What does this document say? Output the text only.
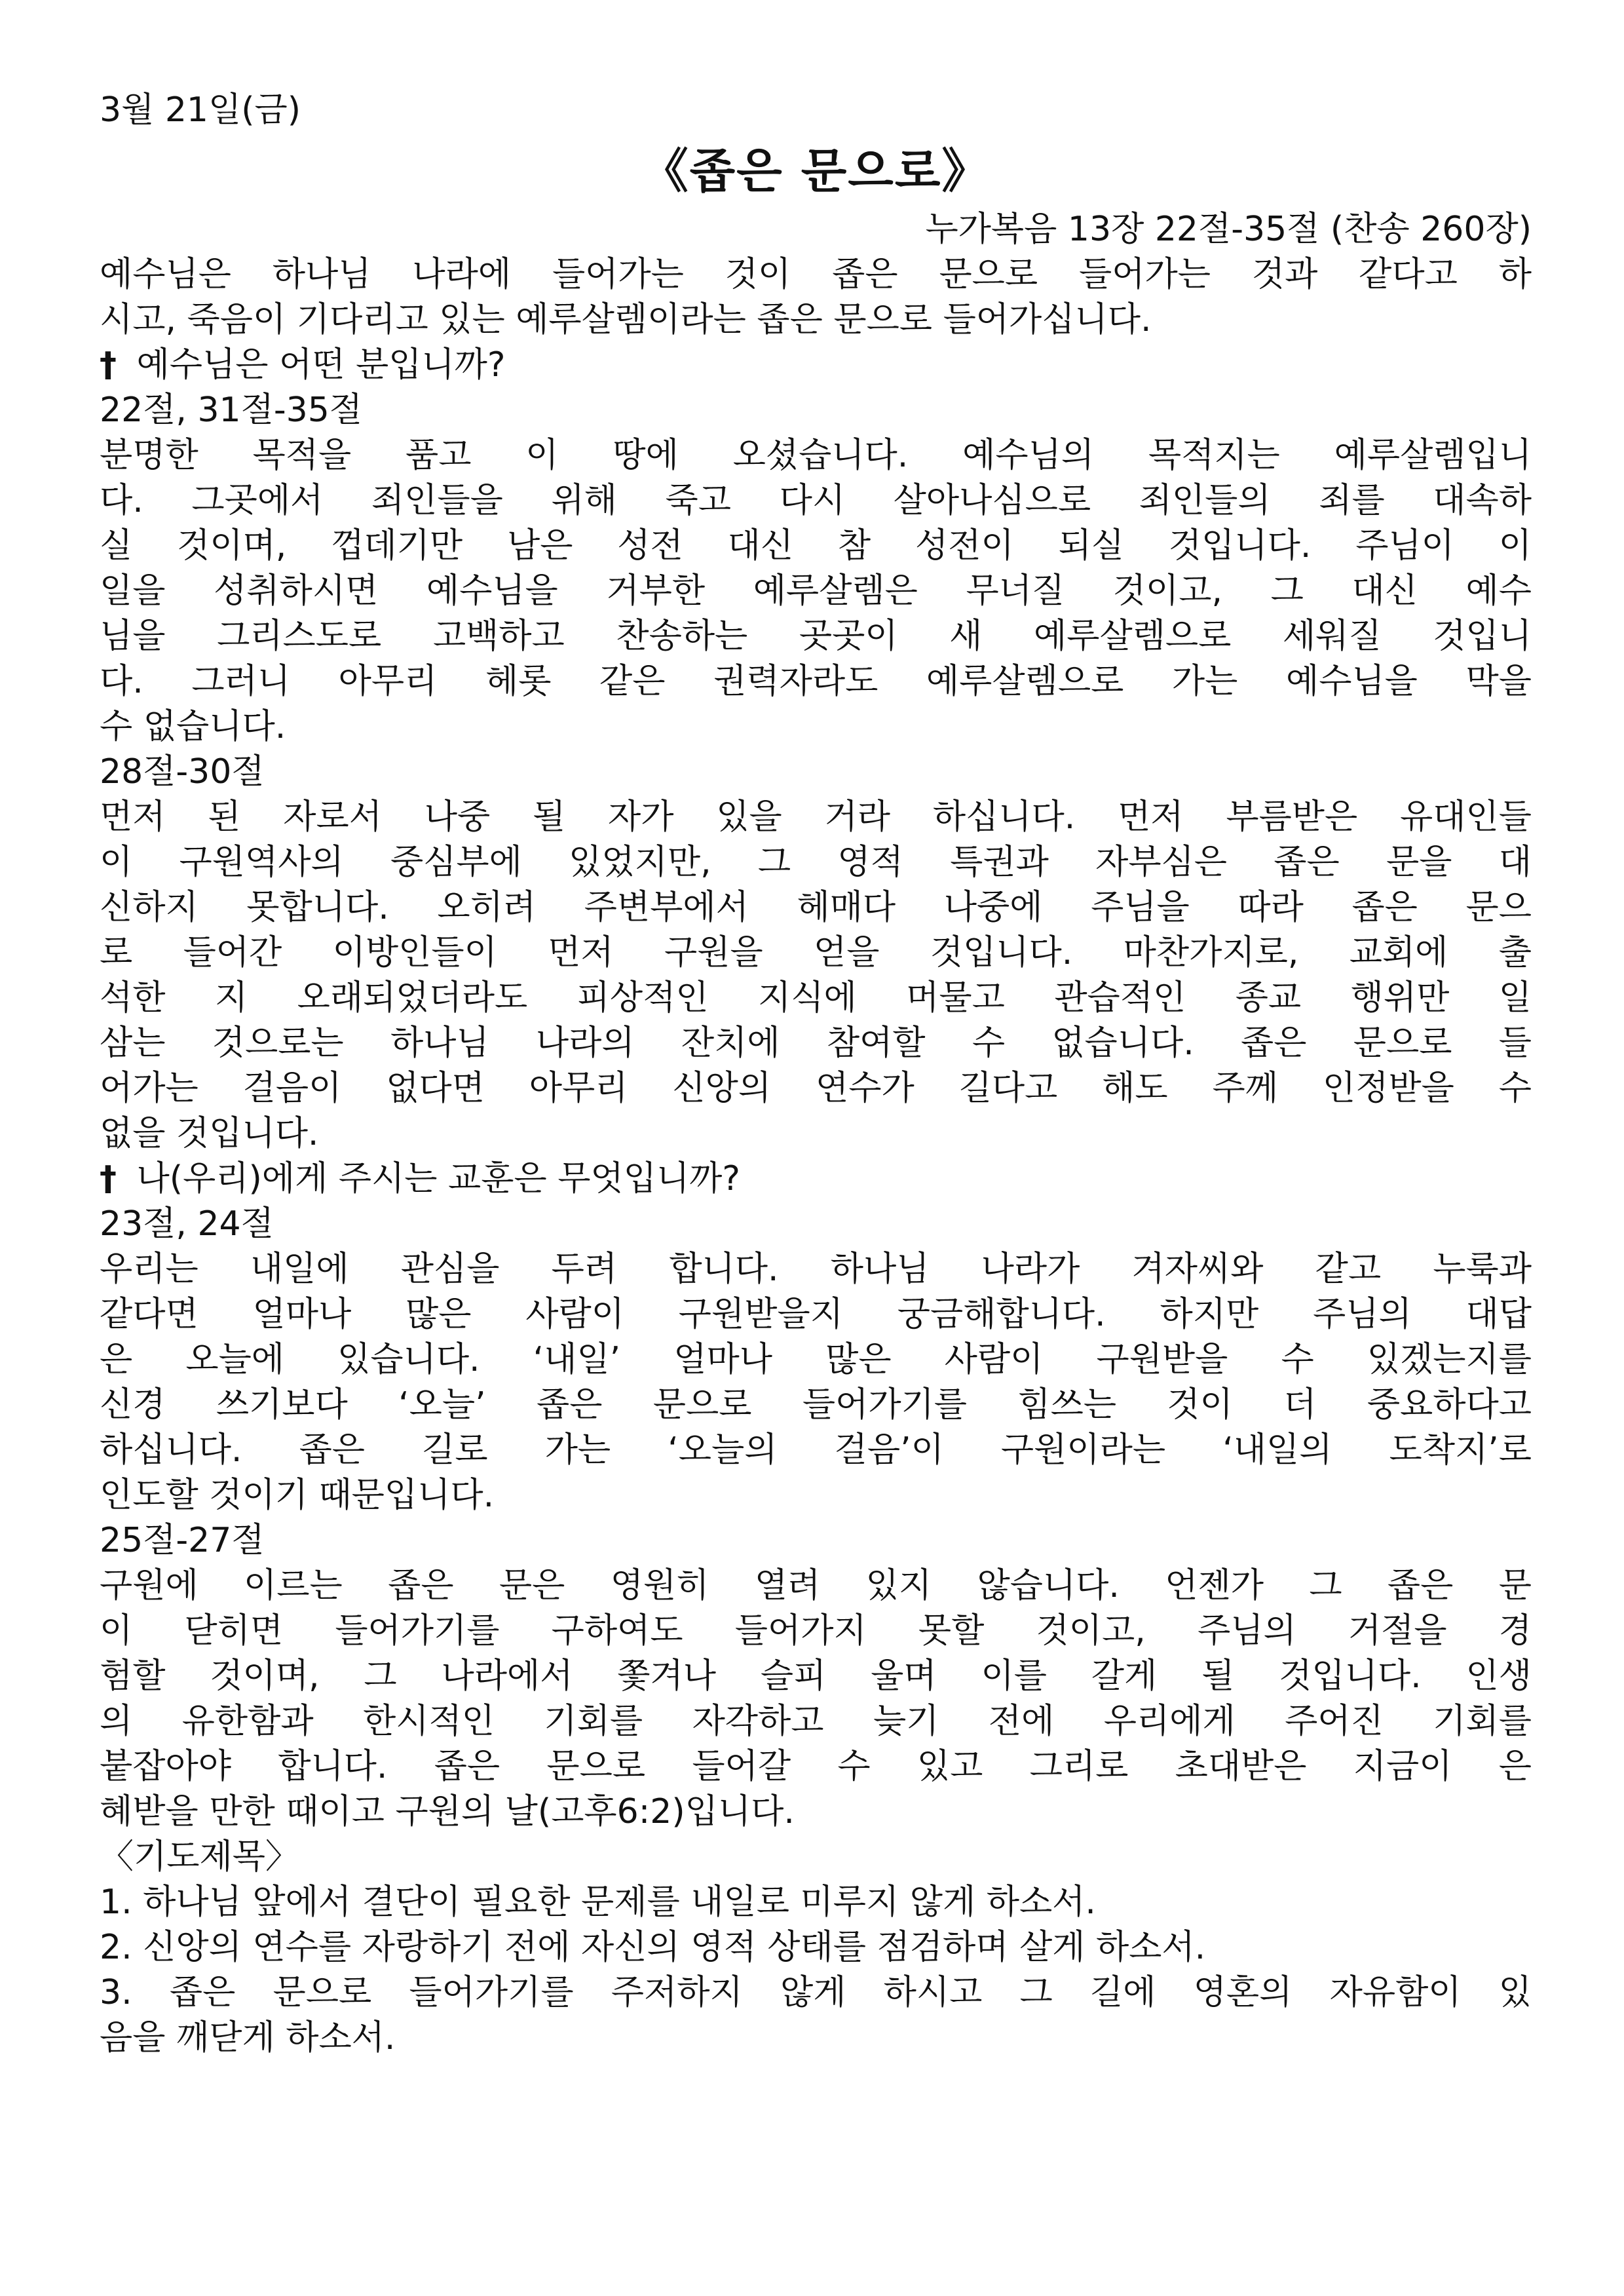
3월 21일(금)
《좁은 문으로》
누가복음 13장 22절-35절 (찬송 260장)
예수님은 하나님 나라에 들어가는 것이 좁은 문으로 들어가는 것과 같다고 하
시고, 죽음이 기다리고 있는 예루살렘이라는 좁은 문으로 들어가십니다.
† 예수님은 어떤 분입니까?
22절, 31절-35절
분명한 목적을 품고 이 땅에 오셨습니다. 예수님의 목적지는 예루살렘입니
다. 그곳에서 죄인들을 위해 죽고 다시 살아나심으로 죄인들의 죄를 대속하
실 것이며, 껍데기만 남은 성전 대신 참 성전이 되실 것입니다. 주님이 이
일을 성취하시면 예수님을 거부한 예루살렘은 무너질 것이고, 그 대신 예수
님을 그리스도로 고백하고 찬송하는 곳곳이 새 예루살렘으로 세워질 것입니
다. 그러니 아무리 헤롯 같은 권력자라도 예루살렘으로 가는 예수님을 막을
수 없습니다.
28절-30절
먼저 된 자로서 나중 될 자가 있을 거라 하십니다. 먼저 부름받은 유대인들
이 구원역사의 중심부에 있었지만, 그 영적 특권과 자부심은 좁은 문을 대
신하지 못합니다. 오히려 주변부에서 헤매다 나중에 주님을 따라 좁은 문으
로 들어간 이방인들이 먼저 구원을 얻을 것입니다. 마찬가지로, 교회에 출
석한 지 오래되었더라도 피상적인 지식에 머물고 관습적인 종교 행위만 일
삼는 것으로는 하나님 나라의 잔치에 참여할 수 없습니다. 좁은 문으로 들
어가는 걸음이 없다면 아무리 신앙의 연수가 길다고 해도 주께 인정받을 수
없을 것입니다.
† 나(우리)에게 주시는 교훈은 무엇입니까?
23절, 24절
우리는 내일에 관심을 두려 합니다. 하나님 나라가 겨자씨와 같고 누룩과
같다면 얼마나 많은 사람이 구원받을지 궁금해합니다. 하지만 주님의 대답
은 오늘에 있습니다. ‘내일’ 얼마나 많은 사람이 구원받을 수 있겠는지를
신경 쓰기보다 ‘오늘’ 좁은 문으로 들어가기를 힘쓰는 것이 더 중요하다고
하십니다. 좁은 길로 가는 ‘오늘의 걸음’이 구원이라는 ‘내일의 도착지’로
인도할 것이기 때문입니다.
25절-27절
구원에 이르는 좁은 문은 영원히 열려 있지 않습니다. 언젠가 그 좁은 문
이 닫히면 들어가기를 구하여도 들어가지 못할 것이고, 주님의 거절을 경
험할 것이며, 그 나라에서 쫓겨나 슬피 울며 이를 갈게 될 것입니다. 인생
의 유한함과 한시적인 기회를 자각하고 늦기 전에 우리에게 주어진 기회를
붙잡아야 합니다. 좁은 문으로 들어갈 수 있고 그리로 초대받은 지금이 은
혜받을 만한 때이고 구원의 날(고후6:2)입니다.
〈기도제목〉
1. 하나님 앞에서 결단이 필요한 문제를 내일로 미루지 않게 하소서.
2. 신앙의 연수를 자랑하기 전에 자신의 영적 상태를 점검하며 살게 하소서.
3. 좁은 문으로 들어가기를 주저하지 않게 하시고 그 길에 영혼의 자유함이 있
음을 깨닫게 하소서.
